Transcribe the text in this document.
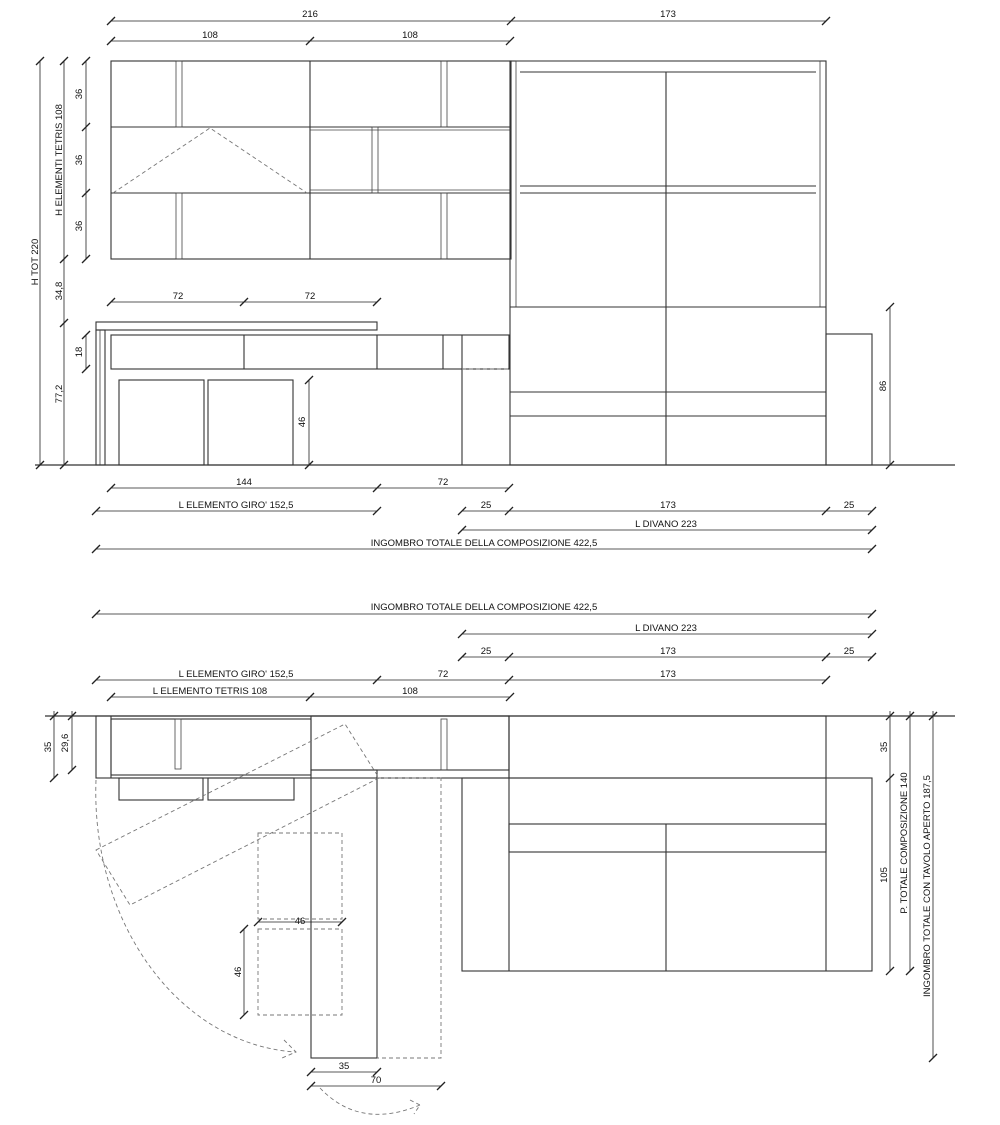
216	173
108	108
H TOT 220
H ELEMENTI TETRIS 108
34,8
77,2
36
36
36
18
72	72
46
86
144	72
L ELEMENTO GIRO' 152,5	25	173	25
L DIVANO 223
INGOMBRO TOTALE DELLA COMPOSIZIONE 422,5
INGOMBRO TOTALE DELLA COMPOSIZIONE 422,5
L DIVANO 223
25	173	25
L ELEMENTO GIRO' 152,5	72	173
L ELEMENTO TETRIS 108	108
35 29,6
46
46
35
70
35
105 P. TOTALE COMPOSIZIONE 140 INGOMBRO TOTALE CON TAVOLO APERTO 187,5
